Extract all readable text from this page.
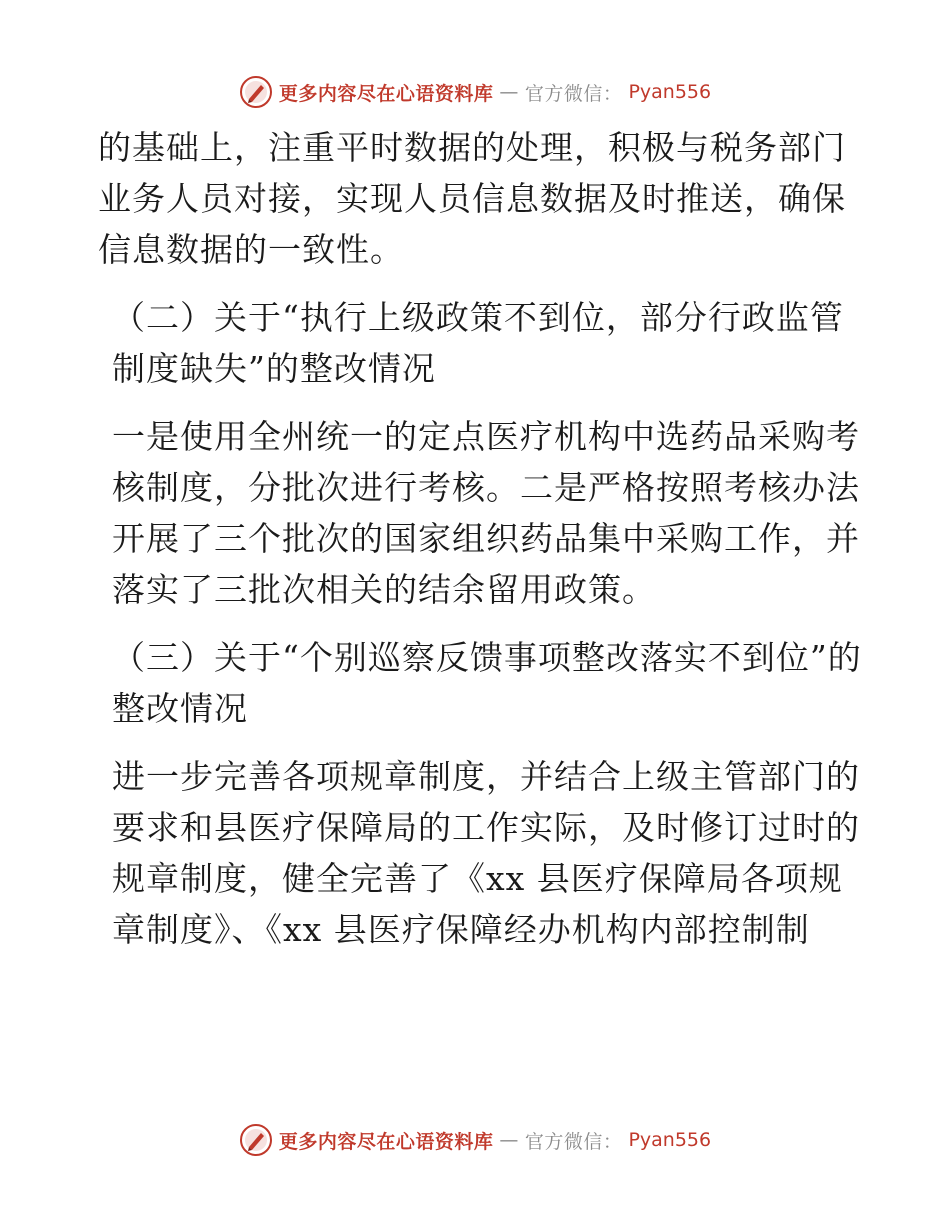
更多内容尽在心语资料库 — 官方微信： Pyan556

的基础上，注重平时数据的处理，积极与税务部门业务人员对接，实现人员信息数据及时推送，确保信息数据的一致性。

（二）关于“执行上级政策不到位，部分行政监管制度缺失”的整改情况

一是使用全州统一的定点医疗机构中选药品采购考核制度，分批次进行考核。二是严格按照考核办法开展了三个批次的国家组织药品集中采购工作，并落实了三批次相关的结余留用政策。

（三）关于“个别巡察反馈事项整改落实不到位”的整改情况

进一步完善各项规章制度，并结合上级主管部门的要求和县医疗保障局的工作实际，及时修订过时的规章制度，健全完善了《xx 县医疗保障局各项规章制度》、《xx 县医疗保障经办机构内部控制制

更多内容尽在心语资料库 — 官方微信： Pyan556
